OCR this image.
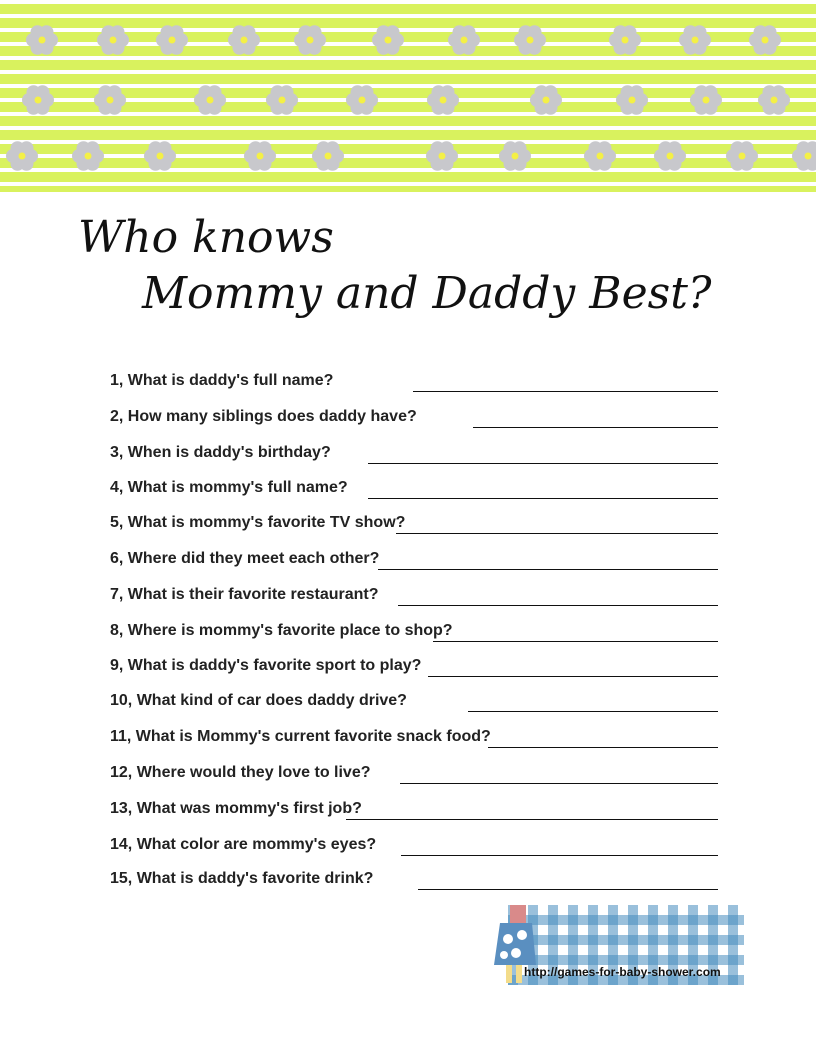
Who knows
Mommy and Daddy Best?
1, What is daddy's full name?
2, How many siblings does daddy have?
3, When is daddy's birthday?
4, What is mommy's full name?
5, What is mommy's favorite TV show?
6, Where did they meet each other?
7, What is their favorite restaurant?
8, Where is mommy's favorite place to shop?
9, What is daddy's favorite sport to play?
10, What kind of car does daddy drive?
11, What is Mommy's current favorite snack food?
12, Where would they love to live?
13, What was mommy's first job?
14, What color are mommy's eyes?
15, What is daddy's favorite drink?
http://games-for-baby-shower.com
